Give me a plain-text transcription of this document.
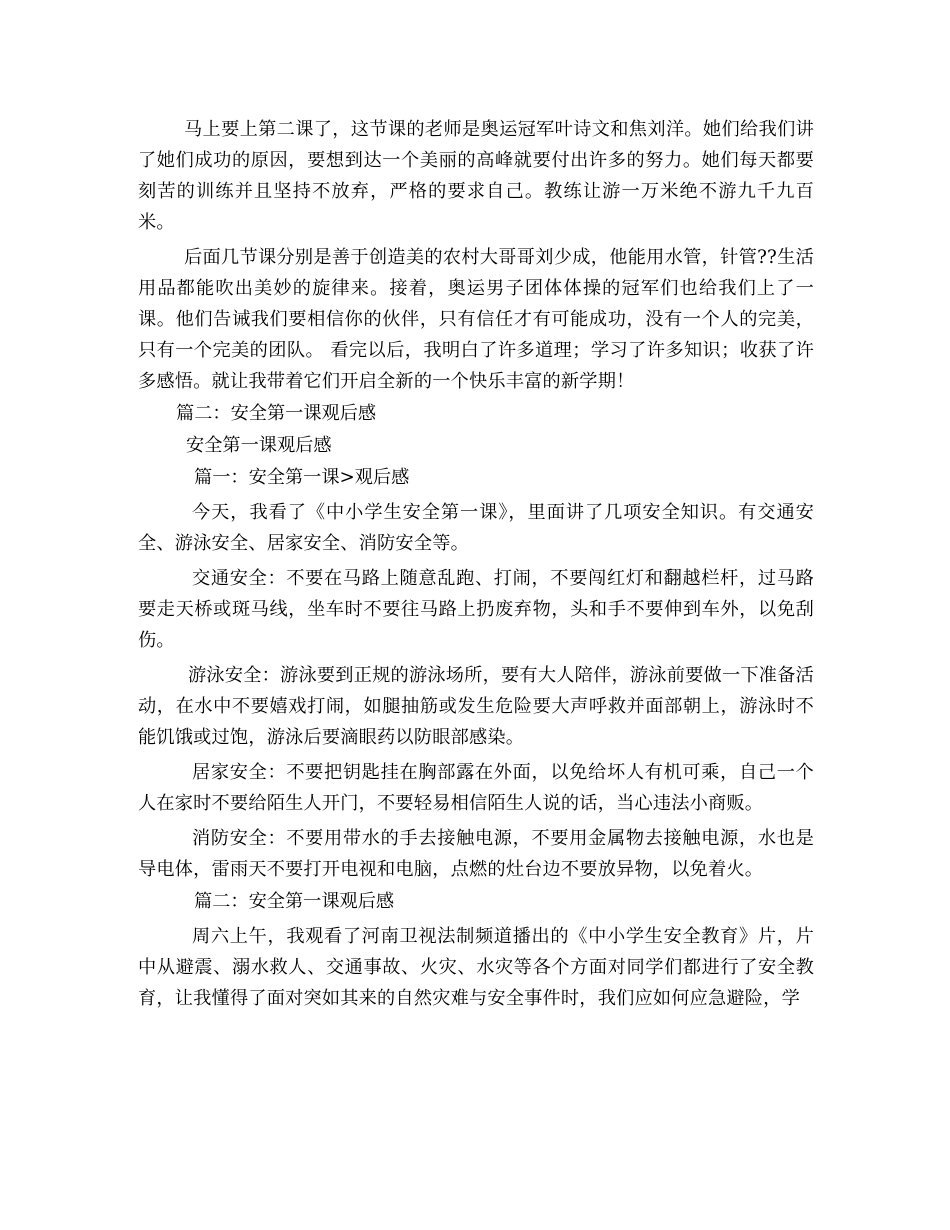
马上要上第二课了，这节课的老师是奥运冠军叶诗文和焦刘洋。她们给我们讲了她们成功的原因，要想到达一个美丽的高峰就要付出许多的努力。她们每天都要刻苦的训练并且坚持不放弃，严格的要求自己。教练让游一万米绝不游九千九百米。

后面几节课分别是善于创造美的农村大哥哥刘少成，他能用水管，针管??生活用品都能吹出美妙的旋律来。接着，奥运男子团体体操的冠军们也给我们上了一课。他们告诫我们要相信你的伙伴，只有信任才有可能成功，没有一个人的完美，只有一个完美的团队。 看完以后，我明白了许多道理；学习了许多知识；收获了许多感悟。就让我带着它们开启全新的一个快乐丰富的新学期！

篇二：安全第一课观后感
安全第一课观后感
篇一：安全第一课>观后感

今天，我看了《中小学生安全第一课》，里面讲了几项安全知识。有交通安全、游泳安全、居家安全、消防安全等。

交通安全：不要在马路上随意乱跑、打闹，不要闯红灯和翻越栏杆，过马路要走天桥或斑马线，坐车时不要往马路上扔废弃物，头和手不要伸到车外，以免刮伤。

游泳安全：游泳要到正规的游泳场所，要有大人陪伴，游泳前要做一下准备活动，在水中不要嬉戏打闹，如腿抽筋或发生危险要大声呼救并面部朝上，游泳时不能饥饿或过饱，游泳后要滴眼药以防眼部感染。

居家安全：不要把钥匙挂在胸部露在外面，以免给坏人有机可乘，自己一个人在家时不要给陌生人开门，不要轻易相信陌生人说的话，当心违法小商贩。

消防安全：不要用带水的手去接触电源，不要用金属物去接触电源，水也是导电体，雷雨天不要打开电视和电脑，点燃的灶台边不要放异物，以免着火。

篇二：安全第一课观后感

周六上午，我观看了河南卫视法制频道播出的《中小学生安全教育》片，片中从避震、溺水救人、交通事故、火灾、水灾等各个方面对同学们都进行了安全教育，让我懂得了面对突如其来的自然灾难与安全事件时，我们应如何应急避险，学
